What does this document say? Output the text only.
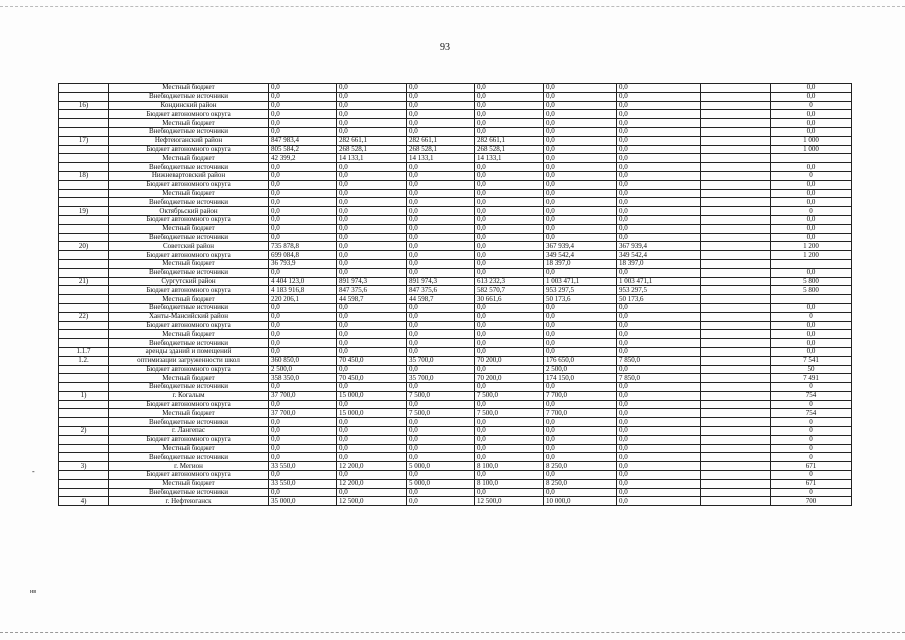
93
-
нв
	Местный бюджет	0,0	0,0	0,0	0,0	0,0	0,0		0,0
	Внебюджетные источники	0,0	0,0	0,0	0,0	0,0	0,0		0,0
16)	Кондинский район	0,0	0,0	0,0	0,0	0,0	0,0		0
	Бюджет автономного округа	0,0	0,0	0,0	0,0	0,0	0,0		0,0
	Местный бюджет	0,0	0,0	0,0	0,0	0,0	0,0		0,0
	Внебюджетные источники	0,0	0,0	0,0	0,0	0,0	0,0		0,0
17)	Нефтеюганский район	847 983,4	282 661,1	282 661,1	282 661,1	0,0	0,0		1 000
	Бюджет автономного округа	805 584,2	268 528,1	268 528,1	268 528,1	0,0	0,0		1 000
	Местный бюджет	42 399,2	14 133,1	14 133,1	14 133,1	0,0	0,0		
	Внебюджетные источники	0,0	0,0	0,0	0,0	0,0	0,0		0,0
18)	Нижневартовский район	0,0	0,0	0,0	0,0	0,0	0,0		0
	Бюджет автономного округа	0,0	0,0	0,0	0,0	0,0	0,0		0,0
	Местный бюджет	0,0	0,0	0,0	0,0	0,0	0,0		0,0
	Внебюджетные источники	0,0	0,0	0,0	0,0	0,0	0,0		0,0
19)	Октябрьский район	0,0	0,0	0,0	0,0	0,0	0,0		0
	Бюджет автономного округа	0,0	0,0	0,0	0,0	0,0	0,0		0,0
	Местный бюджет	0,0	0,0	0,0	0,0	0,0	0,0		0,0
	Внебюджетные источники	0,0	0,0	0,0	0,0	0,0	0,0		0,0
20)	Советский район	735 878,8	0,0	0,0	0,0	367 939,4	367 939,4		1 200
	Бюджет автономного округа	699 084,8	0,0	0,0	0,0	349 542,4	349 542,4		1 200
	Местный бюджет	36 793,9	0,0	0,0	0,0	18 397,0	18 397,0		
	Внебюджетные источники	0,0	0,0	0,0	0,0	0,0	0,0		0,0
21)	Сургутский район	4 404 123,0	891 974,3	891 974,3	613 232,3	1 003 471,1	1 003 471,1		5 800
	Бюджет автономного округа	4 183 916,8	847 375,6	847 375,6	582 570,7	953 297,5	953 297,5		5 800
	Местный бюджет	220 206,1	44 598,7	44 598,7	30 661,6	50 173,6	50 173,6		
	Внебюджетные источники	0,0	0,0	0,0	0,0	0,0	0,0		0,0
22)	Ханты-Мансийский район	0,0	0,0	0,0	0,0	0,0	0,0		0
	Бюджет автономного округа	0,0	0,0	0,0	0,0	0,0	0,0		0,0
	Местный бюджет	0,0	0,0	0,0	0,0	0,0	0,0		0,0
	Внебюджетные источники	0,0	0,0	0,0	0,0	0,0	0,0		0,0
1.1.7	аренды зданий и помещений	0,0	0,0	0,0	0,0	0,0	0,0		0,0
1.2.	оптимизации загруженности школ	360 850,0	70 450,0	35 700,0	70 200,0	176 650,0	7 850,0		7 541
	Бюджет автономного округа	2 500,0	0,0	0,0	0,0	2 500,0	0,0		50
	Местный бюджет	358 350,0	70 450,0	35 700,0	70 200,0	174 150,0	7 850,0		7 491
	Внебюджетные источники	0,0	0,0	0,0	0,0	0,0	0,0		0
1)	г. Когалым	37 700,0	15 000,0	7 500,0	7 500,0	7 700,0	0,0		754
	Бюджет автономного округа	0,0	0,0	0,0	0,0	0,0	0,0		0
	Местный бюджет	37 700,0	15 000,0	7 500,0	7 500,0	7 700,0	0,0		754
	Внебюджетные источники	0,0	0,0	0,0	0,0	0,0	0,0		0
2)	г. Лангепас	0,0	0,0	0,0	0,0	0,0	0,0		0
	Бюджет автономного округа	0,0	0,0	0,0	0,0	0,0	0,0		0
	Местный бюджет	0,0	0,0	0,0	0,0	0,0	0,0		0
	Внебюджетные источники	0,0	0,0	0,0	0,0	0,0	0,0		0
3)	г. Мегион	33 550,0	12 200,0	5 000,0	8 100,0	8 250,0	0,0		671
	Бюджет автономного округа	0,0	0,0	0,0	0,0	0,0	0,0		0
	Местный бюджет	33 550,0	12 200,0	5 000,0	8 100,0	8 250,0	0,0		671
	Внебюджетные источники	0,0	0,0	0,0	0,0	0,0	0,0		0
4)	г. Нефтеюганск	35 000,0	12 500,0	0,0	12 500,0	10 000,0	0,0		700
